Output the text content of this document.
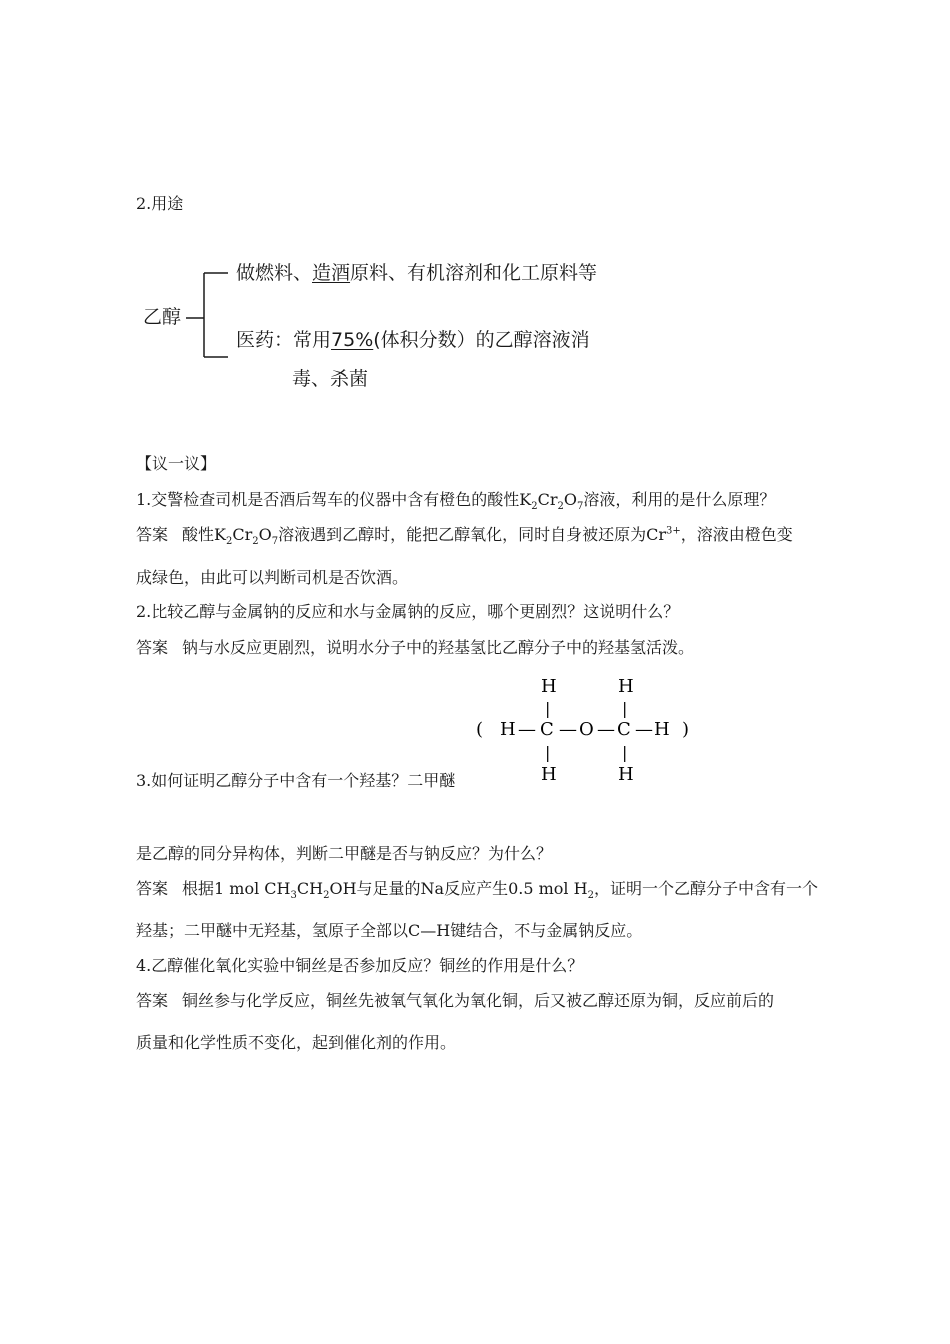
2.用途
乙醇
做燃料、造酒原料、有机溶剂和化工原料等
医药：常用75%(体积分数）的乙醇溶液消
毒、杀菌
【议一议】
1.交警检查司机是否酒后驾车的仪器中含有橙色的酸性$K_2Cr_2O_7$溶液，利用的是什么原理？
答案 酸性$K_2Cr_2O_7$溶液遇到乙醇时，能把乙醇氧化，同时自身被还原为$Cr^{3+}$，溶液由橙色变
成绿色，由此可以判断司机是否饮酒。
2.比较乙醇与金属钠的反应和水与金属钠的反应，哪个更剧烈？这说明什么？
答案 钠与水反应更剧烈，说明水分子中的羟基氢比乙醇分子中的羟基氢活泼。
( H — C — O — C — H )
H	H
H	H
|	|
|	|
3.如何证明乙醇分子中含有一个羟基？二甲醚
是乙醇的同分异构体，判断二甲醚是否与钠反应？为什么？
答案 根据1 mol $CH_3CH_2OH$与足量的Na反应产生0.5 mol $H_2$，证明一个乙醇分子中含有一个
羟基；二甲醚中无羟基，氢原子全部以C—H键结合，不与金属钠反应。
4.乙醇催化氧化实验中铜丝是否参加反应？铜丝的作用是什么？
答案 铜丝参与化学反应，铜丝先被氧气氧化为氧化铜，后又被乙醇还原为铜，反应前后的
质量和化学性质不变化，起到催化剂的作用。
